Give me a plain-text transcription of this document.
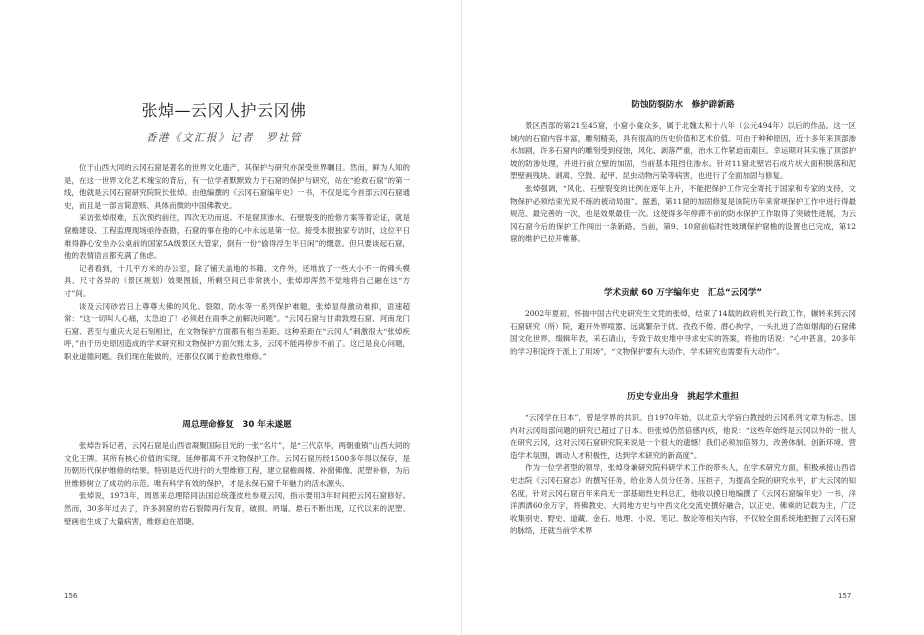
张焯—云冈人护云冈佛
香港《文汇报》记者　罗社管

位于山西大同的云冈石窟是著名的世界文化遗产，其保护与研究亦深受世界瞩目。然而，鲜为人知的是，在这一世界文化艺术瑰宝的背后，有一位学者默默致力于石窟的保护与研究，站在“抢救石窟”的第一线，他就是云冈石窟研究院院长张焯。由他编撰的《云冈石窟编年史》一书，不仅是迄今首部云冈石窟通史，而且是一部言简意赅、具体而微的中国佛教史。

采访张焯很难，五次预约前往，四次无功而返。不是窟顶渗水、石壁裂变的抢修方案等着论证，就是窟檐建设、工程监理现场亟待查勘，石窟的事在他的心中永远是第一位。接受本报独家专访时，这位平日难得静心安坐办公桌前的国家5A级景区大管家，倒有一份“偷得浮生半日闲”的慨意。但只要谈起石窟，他的表情语言都充满了焦虑。

记者看到，十几平方米的办公室，除了铺天盖地的书籍、文件外，还堆放了一些大小不一的佛头模具、尺寸各异的（景区规划）效果图版，所剩空间已非常狭小，张焯却浑然不觉地将自己融在这“方寸”间。

谈及云冈砂岩日上尊尊大佛的风化、裂隙、防水等一系列保护难题，张焯显得激动难抑，语速超常：“这一切叫人心痛，太急迫了！必须赶在雨季之前解决问题”。“云冈石窟与甘肃敦煌石窟、河南龙门石窟、甚至与重庆大足石刻相比，在文物保护方面都有相当差距。这种差距在“云冈人”刺激很大“张焯疾呼，”由于历史原因造成的学术研究和文物保护方面欠账太多，云冈不能再停步不前了。这已是良心问题，职业道德问题。我们现在能做的，还都仅仅属于抢救性维修。”

周总理命修复　30 年未遂愿

张焯告诉记者，云冈石窟是山西省凝聚国际目光的一张“名片”，是“三代京华，两朝重镇”山西大同的文化王牌。其所有核心价值的实现、延伸都离不开文物保护工作。云冈石窟历经1500多年得以保存，是历朝历代保护维修的结果。特别是近代进行的大型维修工程，建立窟檐阁楼、补窗佛像、泥塑补修，为后世维修树立了成功的示范。唯有科学有效的保护，才是永保石窟千年魅力的活水源头。

张焯说，1973年，周恩来总理陪同法国总统蓬皮杜参观云冈，指示要用3年时间把云冈石窟修好。然而，30多年过去了，许多洞窟的岩石裂隙再行发育，破损、坍塌、悬石不断出现，辽代以来的泥塑、壁画也生成了大量病害，维修迫在眉睫。

156
防蚀防裂防水　修护辟新路

景区西部的第21至45窟，小窟小龛众多，属于北魏太和十八年（公元494年）以后的作品。这一区域内的石窟内容丰富，雕刻精美，具有很高的历史价值和艺术价值。可由于种种原因，近十多年来顶部渗水加剧，许多石窟内的雕刻受到侵蚀，风化、剥落严重，治水工作紧迫而艰巨。幸运期对其实施了顶部护坡的防渗处理，并进行前立壁的加固，当前基本阻挡住渗水。针对11窟北壁岩石成片状大面积脱落和泥塑壁画残块、剥离、空鼓、起甲、昆虫动物污染等病害，也进行了全面加固与修复。

张焯强调，“风化、石壁裂变的比例在逐年上升，不能把保护工作完全寄托于国家和专家的支持，文物保护必须结束光说不练的被动局面”。据悉，第11窟的加固修复是该院历年来常规保护工作中进行得最规范、最完善的一次，也是效果最佳一次。这使得多年停滞不前的防水保护工作取得了突破性进展，为云冈石窟今后的保护工作闯出一条新路。当前，第9、10窟前临时性玻璃保护窟檐的设置也已完成，第12窟的维护已拉开帷幕。

学术贡献 60 万字编年史　汇总“云冈学”

2002年夏初，怀揣中国古代史研究生文凭的张焯，结束了14载的政府机关行政工作，辗转来到云冈石窟研究（所）院，避开外界喧嚣、远离繁杂于扰、孜孜不倦、潜心拘学，一头扎进了浩如烟海的石窟佛国文化世界，缀辑年表，采石请山，专致于故史堆中寻求史实的答案，将他的话说：“心中甚喜，20多年的学习积淀终于派上了用场”，“文物保护要有大动作，学术研究也需要有大动作”。

历史专业出身　挑起学术重担

“云冈学在日本”，曾是学界的共识。自1970年始，以北京大学宿白教授的云冈系列文章为标志，国内对云冈局部问题的研究已超过了日本。但张焯仍然倍感内疚，他说：“这些年始终是云冈以外的一批人在研究云冈，这对云冈石窟研究院来说是一个很大的遗憾！我们必须加倍努力，改善体制、创新环境、营造学术氛围，调动人才积极性，达到学术研究的新高度”。

作为一位学者型的领导，张焯身兼研究院科研学术工作的带头人，在学术研究方面，积极承接山西省史志院《云冈石窟志》的撰写任务，给业务人员分任务、压担子，为提高全院的研究水平，扩大云冈的知名度，针对云冈石窟百年来尚无一部基础性史料总汇，他收以摸日地编撰了《云冈石窟编年史》一书，洋洋洒洒60余万字，将佛教史、大同地方史与中西文化交流史撰好融合，以正史、佛乘的记载为主，广泛收集别史、野史、道藏、金石、地理、小说、笔记、散论等相关内容，不仅较全面系统地把握了云冈石窟的脉络，还就当前学术界

157
